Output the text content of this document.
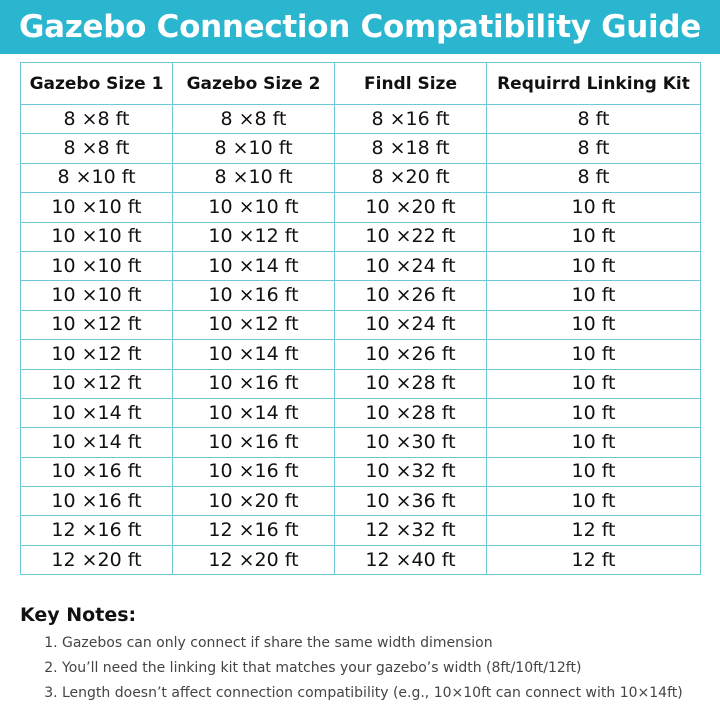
Gazebo Connection Compatibility Guide
Gazebo Size 1	Gazebo Size 2	Findl Size	Requirrd Linking Kit
8 ×8 ft	8 ×8 ft	8 ×16 ft	8 ft
8 ×8 ft	8 ×10 ft	8 ×18 ft	8 ft
8 ×10 ft	8 ×10 ft	8 ×20 ft	8 ft
10 ×10 ft	10 ×10 ft	10 ×20 ft	10 ft
10 ×10 ft	10 ×12 ft	10 ×22 ft	10 ft
10 ×10 ft	10 ×14 ft	10 ×24 ft	10 ft
10 ×10 ft	10 ×16 ft	10 ×26 ft	10 ft
10 ×12 ft	10 ×12 ft	10 ×24 ft	10 ft
10 ×12 ft	10 ×14 ft	10 ×26 ft	10 ft
10 ×12 ft	10 ×16 ft	10 ×28 ft	10 ft
10 ×14 ft	10 ×14 ft	10 ×28 ft	10 ft
10 ×14 ft	10 ×16 ft	10 ×30 ft	10 ft
10 ×16 ft	10 ×16 ft	10 ×32 ft	10 ft
10 ×16 ft	10 ×20 ft	10 ×36 ft	10 ft
12 ×16 ft	12 ×16 ft	12 ×32 ft	12 ft
12 ×20 ft	12 ×20 ft	12 ×40 ft	12 ft
Key Notes:
1. Gazebos can only connect if share the same width dimension
2. You’ll need the linking kit that matches your gazebo’s width (8ft/10ft/12ft)
3. Length doesn’t affect connection compatibility (e.g., 10×10ft can connect with 10×14ft)
